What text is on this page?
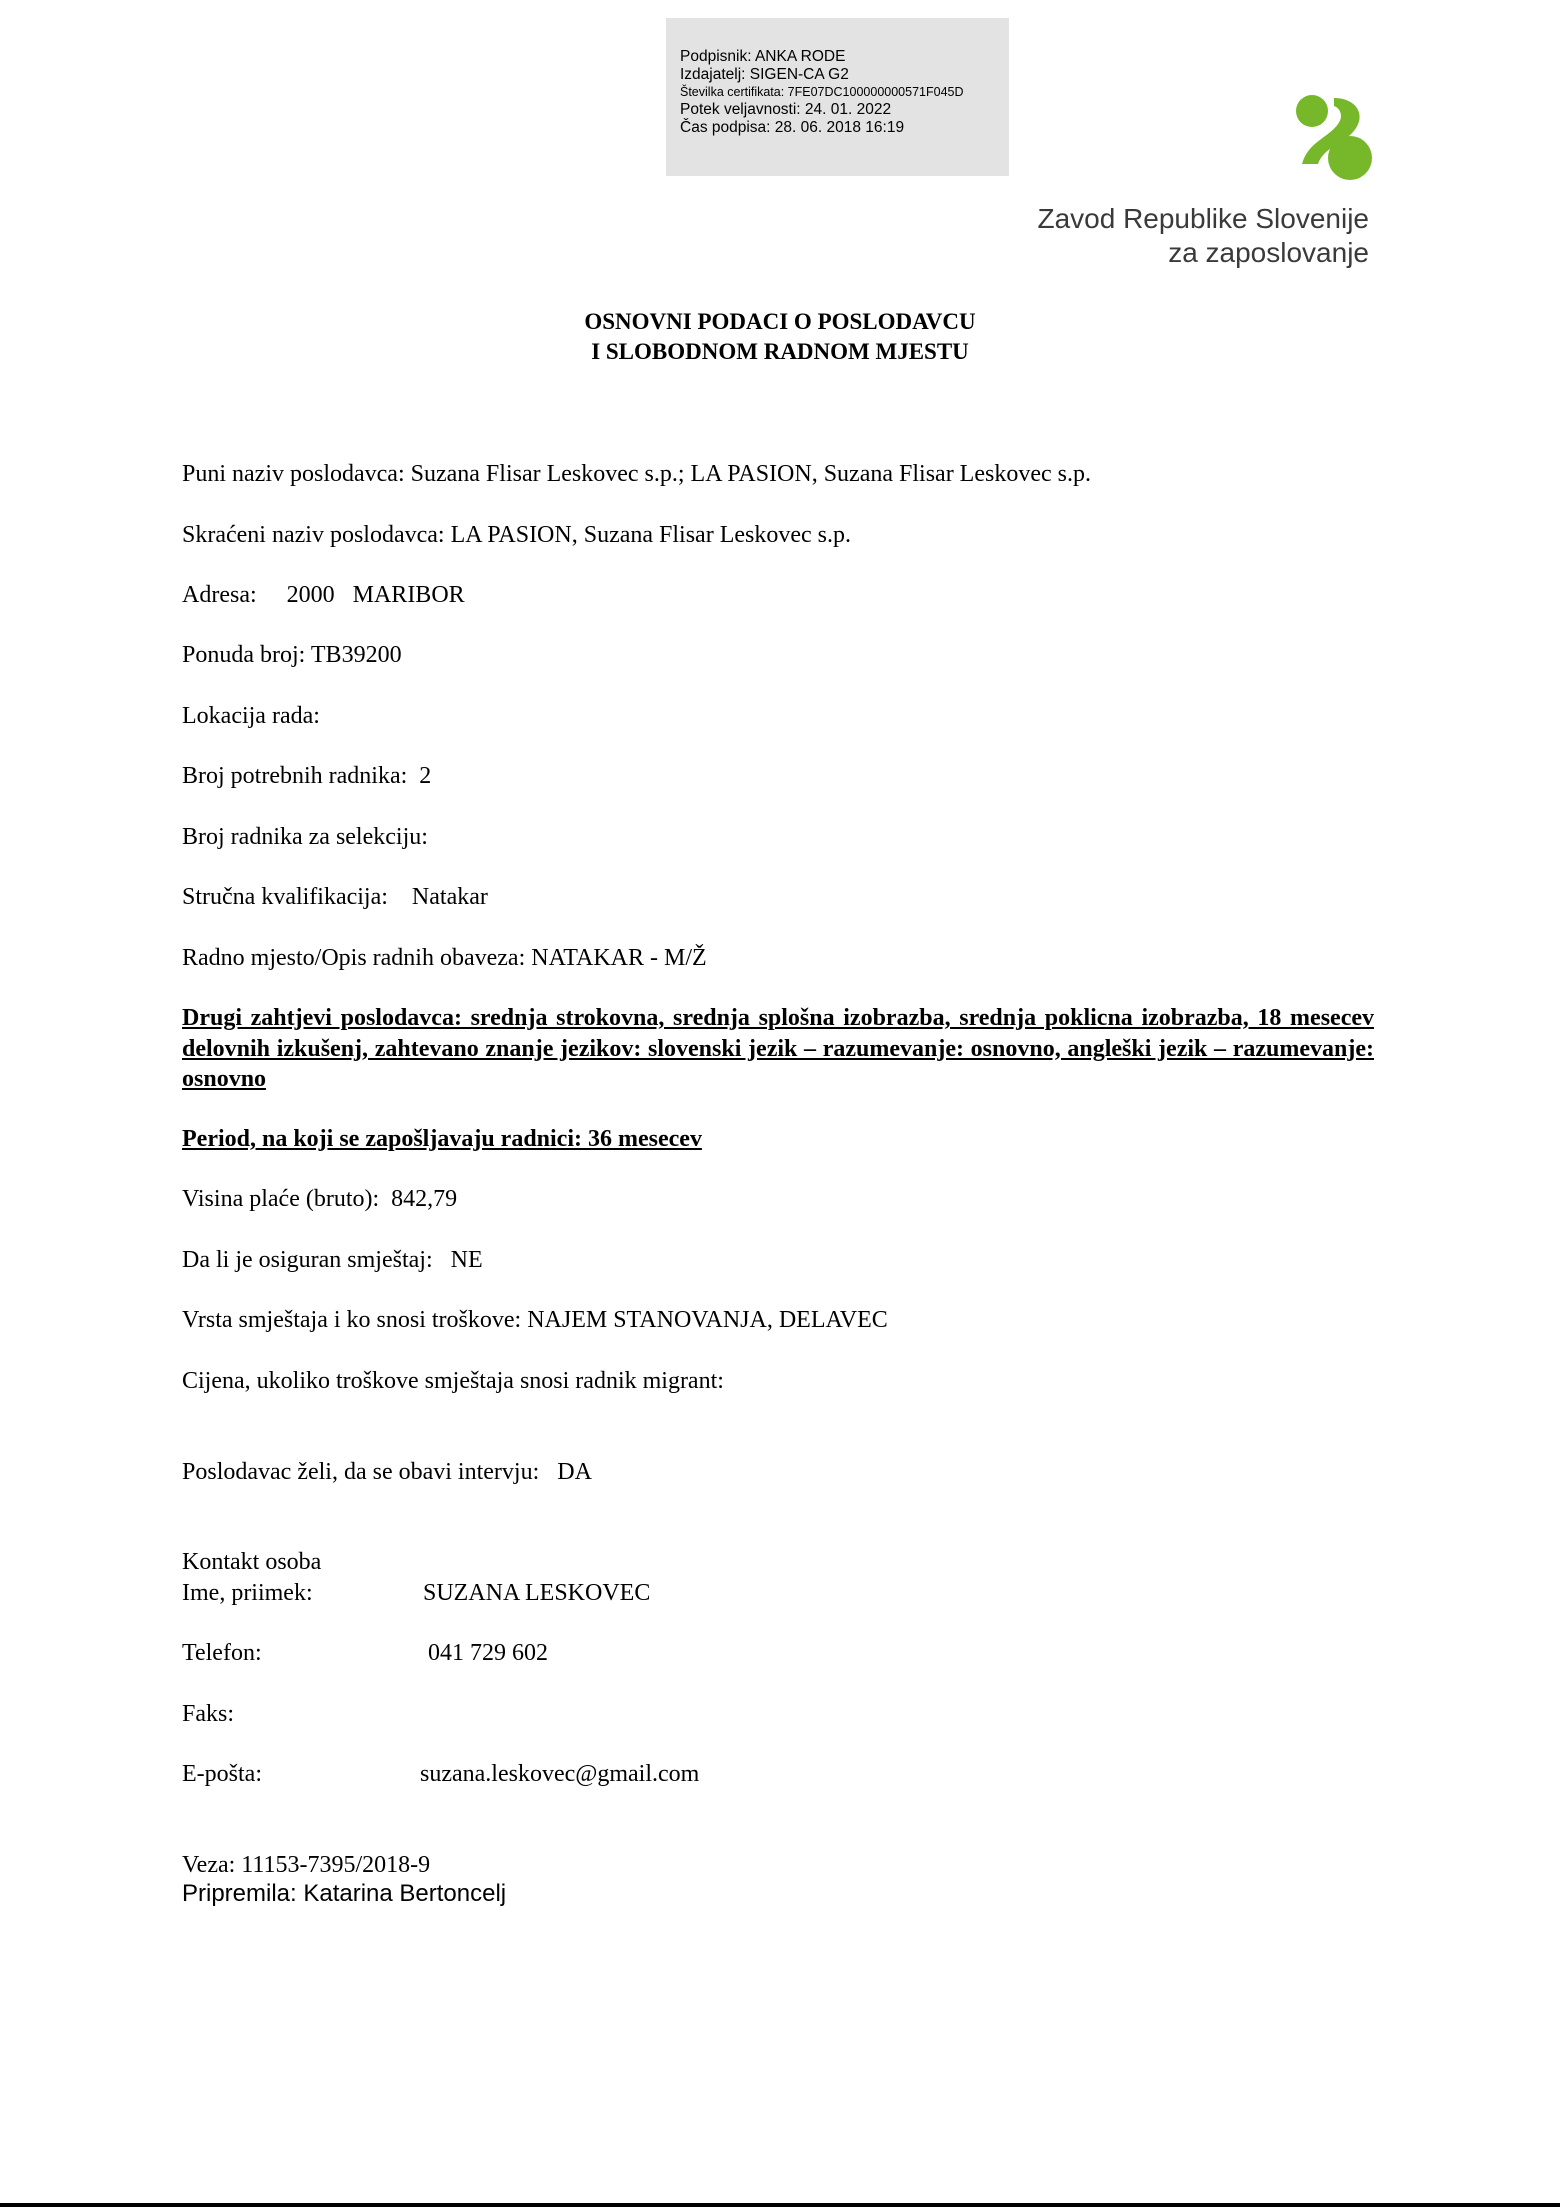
Podpisnik: ANKA RODE
Izdajatelj: SIGEN-CA G2
Številka certifikata: 7FE07DC100000000571F045D
Potek veljavnosti: 24. 01. 2022
Čas podpisa: 28. 06. 2018 16:19
Zavod Republike Slovenije
za zaposlovanje
OSNOVNI PODACI O POSLODAVCU
I SLOBODNOM RADNOM MJESTU
Puni naziv poslodavca: Suzana Flisar Leskovec s.p.; LA PASION, Suzana Flisar Leskovec s.p.
Skraćeni naziv poslodavca: LA PASION, Suzana Flisar Leskovec s.p.
Adresa:     2000   MARIBOR
Ponuda broj: TB39200
Lokacija rada:
Broj potrebnih radnika:  2
Broj radnika za selekciju:
Stručna kvalifikacija:    Natakar
Radno mjesto/Opis radnih obaveza: NATAKAR - M/Ž
Drugi zahtjevi poslodavca: srednja strokovna, srednja splošna izobrazba, srednja poklicna izobrazba, 18 mesecev delovnih izkušenj, zahtevano znanje jezikov: slovenski jezik – razumevanje: osnovno, angleški jezik – razumevanje: osnovno
Period, na koji se zapošljavaju radnici: 36 mesecev
Visina plaće (bruto):  842,79
Da li je osiguran smještaj:   NE
Vrsta smještaja i ko snosi troškove: NAJEM STANOVANJA, DELAVEC
Cijena, ukoliko troškove smještaja snosi radnik migrant:
Poslodavac želi, da se obavi intervju:   DA
Kontakt osoba
Ime, priimek:	SUZANA LESKOVEC
Telefon:	041 729 602
Faks:
E-pošta:	suzana.leskovec@gmail.com
Veza: 11153-7395/2018-9
Pripremila: Katarina Bertoncelj
